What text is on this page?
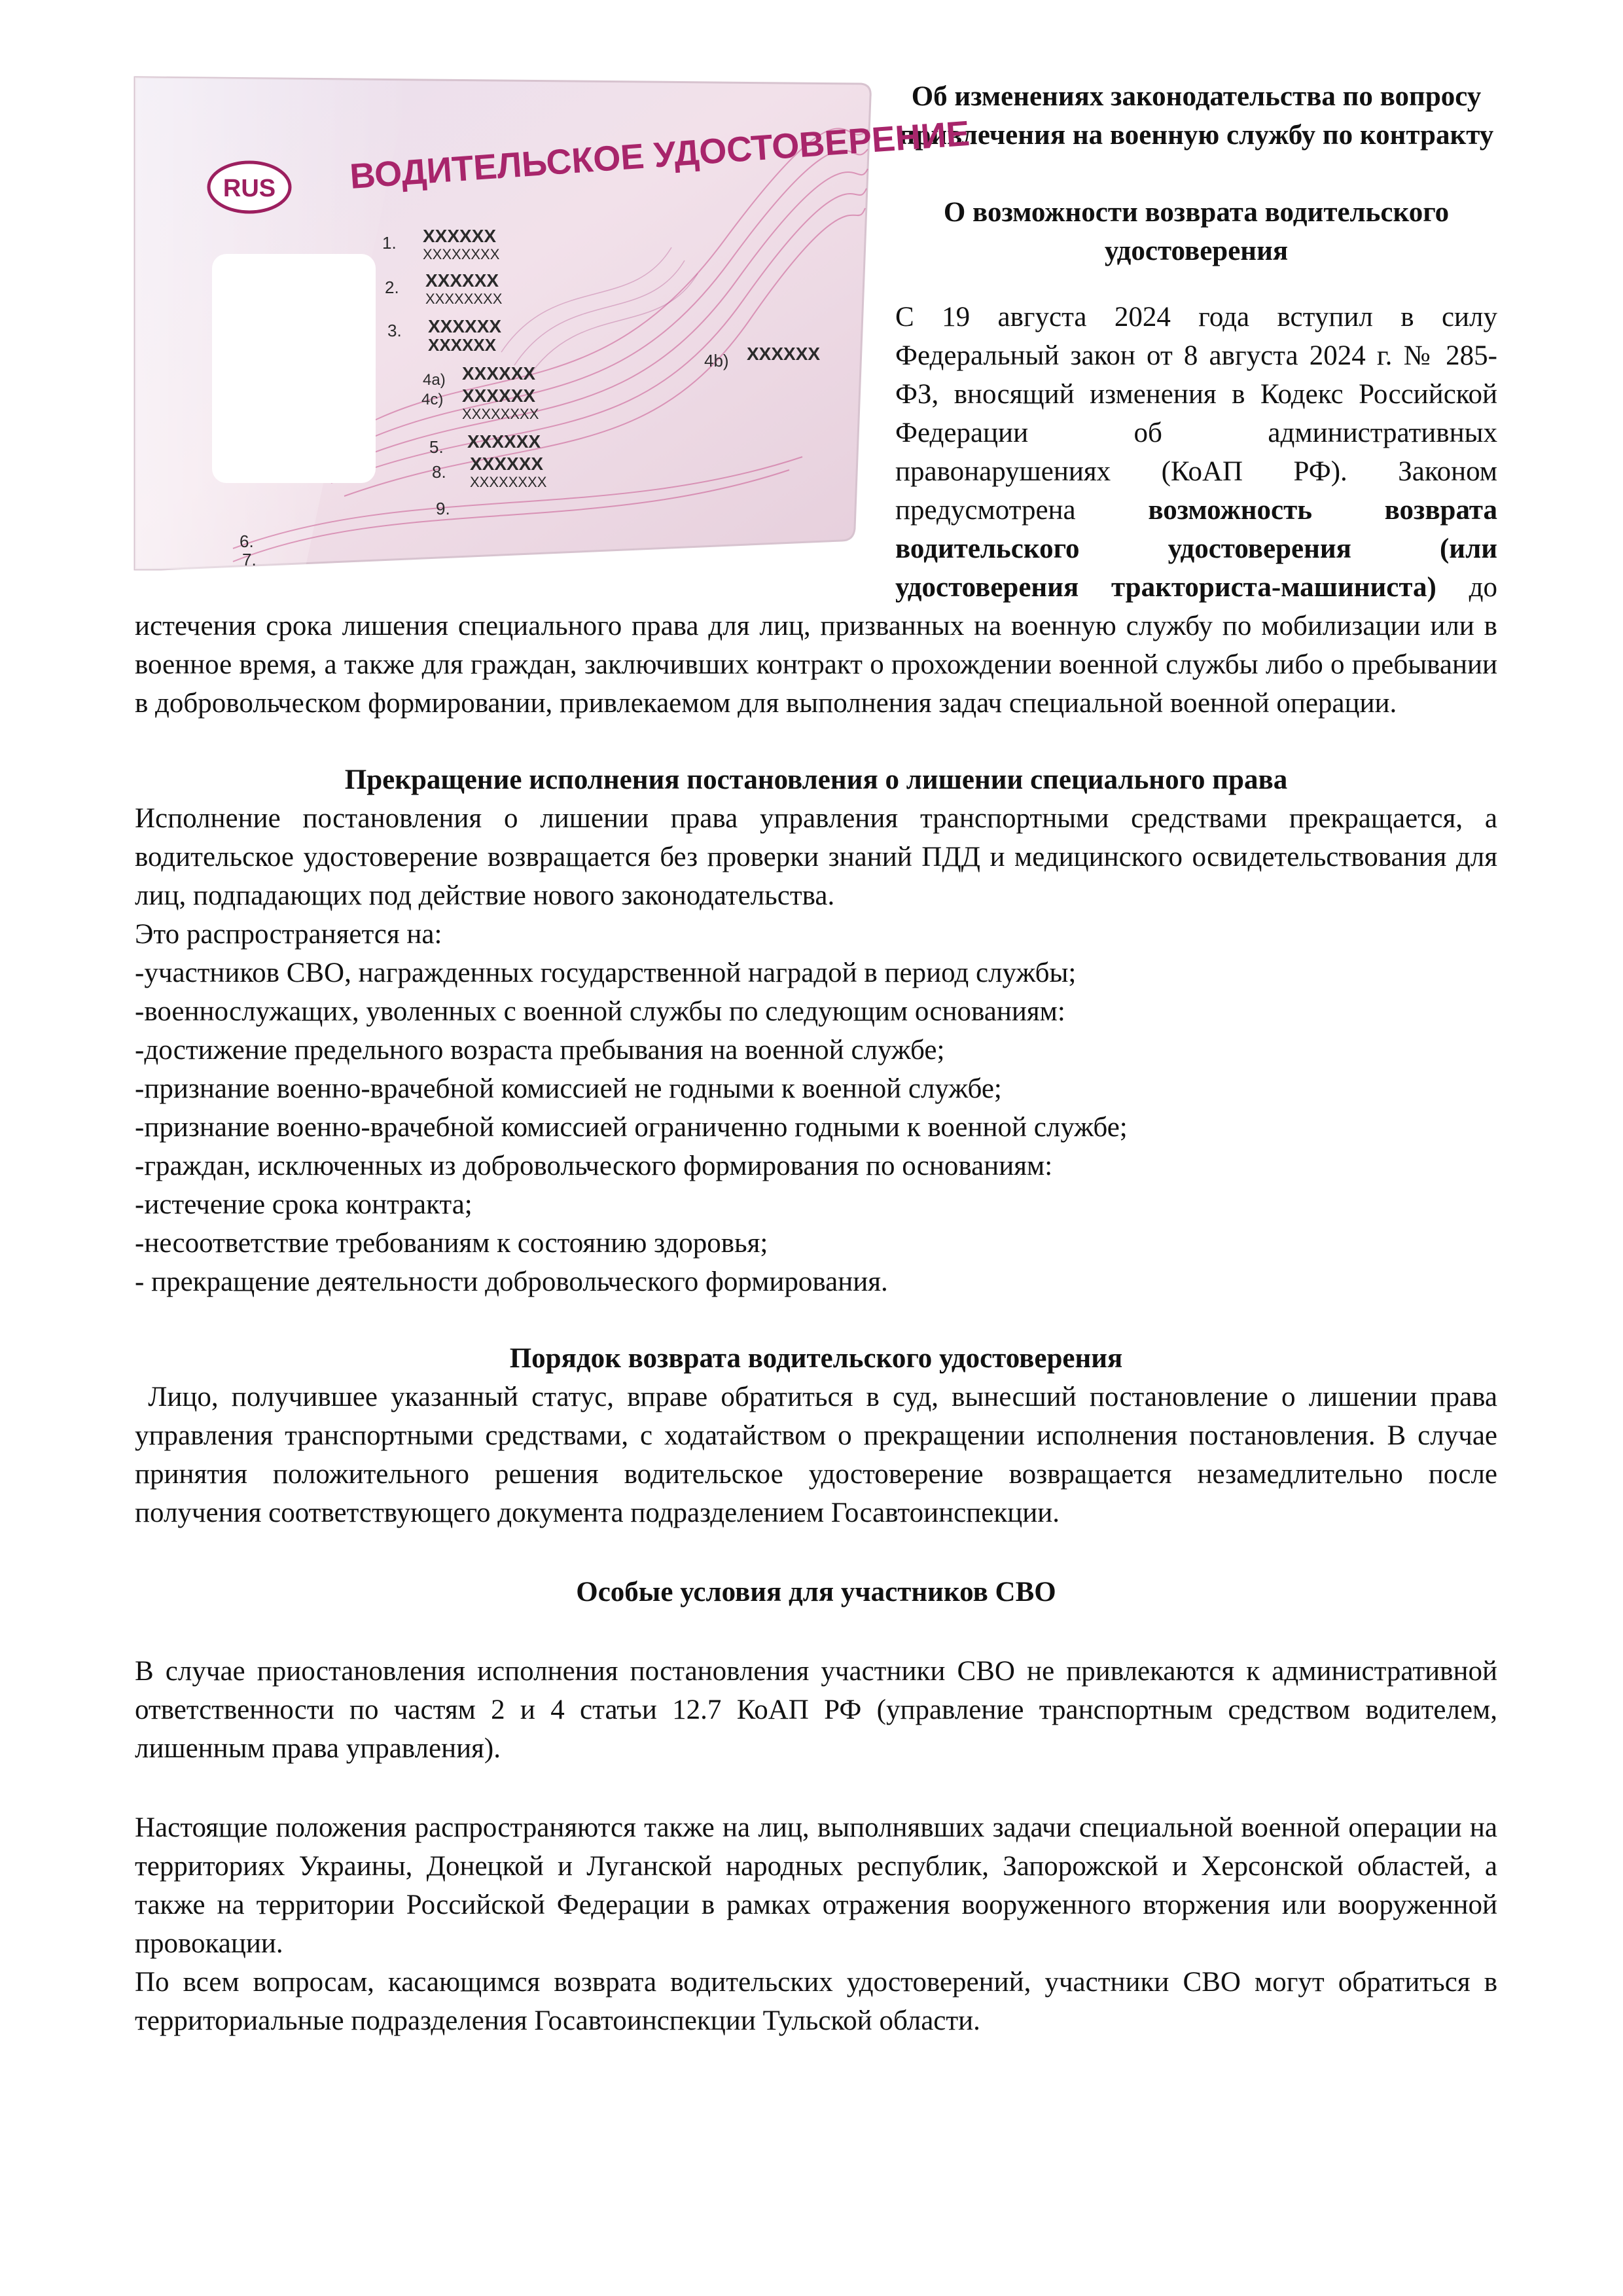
RUS ВОДИТЕЛЬСКОЕ УДОСТОВЕРЕНИЕ
1. XXXXXX
XXXXXXXX
2. XXXXXX
XXXXXXXX
3. XXXXXX
XXXXXX
4a) XXXXXX
4c) XXXXXX
XXXXXXXX
5. XXXXXX
8. XXXXXX
XXXXXXXX
9.
6.
7.
4b) XXXXXX

Об изменениях законодательства по вопросу привлечения на военную службу по контракту

О возможности возврата водительского удостоверения

С 19 августа 2024 года вступил в силу Федеральный закон от 8 августа 2024 г. № 285-ФЗ, вносящий изменения в Кодекс Российской Федерации об административных правонарушениях (КоАП РФ). Законом предусмотрена возможность возврата водительского удостоверения (или удостоверения тракториста-машиниста) до истечения срока лишения специального права для лиц, призванных на военную службу по мобилизации или в военное время, а также для граждан, заключивших контракт о прохождении военной службы либо о пребывании в добровольческом формировании, привлекаемом для выполнения задач специальной военной операции.

Прекращение исполнения постановления о лишении специального права

Исполнение постановления о лишении права управления транспортными средствами прекращается, а водительское удостоверение возвращается без проверки знаний ПДД и медицинского освидетельствования для лиц, подпадающих под действие нового законодательства.

Это распространяется на:

-участников СВО, награжденных государственной наградой в период службы;

-военнослужащих, уволенных с военной службы по следующим основаниям:

-достижение предельного возраста пребывания на военной службе;

-признание военно-врачебной комиссией не годными к военной службе;

-признание военно-врачебной комиссией ограниченно годными к военной службе;

-граждан, исключенных из добровольческого формирования по основаниям:

-истечение срока контракта;

-несоответствие требованиям к состоянию здоровья;

- прекращение деятельности добровольческого формирования.

Порядок возврата водительского удостоверения

Лицо, получившее указанный статус, вправе обратиться в суд, вынесший постановление о лишении права управления транспортными средствами, с ходатайством о прекращении исполнения постановления. В случае принятия положительного решения водительское удостоверение возвращается незамедлительно после получения соответствующего документа подразделением Госавтоинспекции.

Особые условия для участников СВО

В случае приостановления исполнения постановления участники СВО не привлекаются к административной ответственности по частям 2 и 4 статьи 12.7 КоАП РФ (управление транспортным средством водителем, лишенным права управления).

Настоящие положения распространяются также на лиц, выполнявших задачи специальной военной операции на территориях Украины, Донецкой и Луганской народных республик, Запорожской и Херсонской областей, а также на территории Российской Федерации в рамках отражения вооруженного вторжения или вооруженной провокации.

По всем вопросам, касающимся возврата водительских удостоверений, участники СВО могут обратиться в территориальные подразделения Госавтоинспекции Тульской области.
